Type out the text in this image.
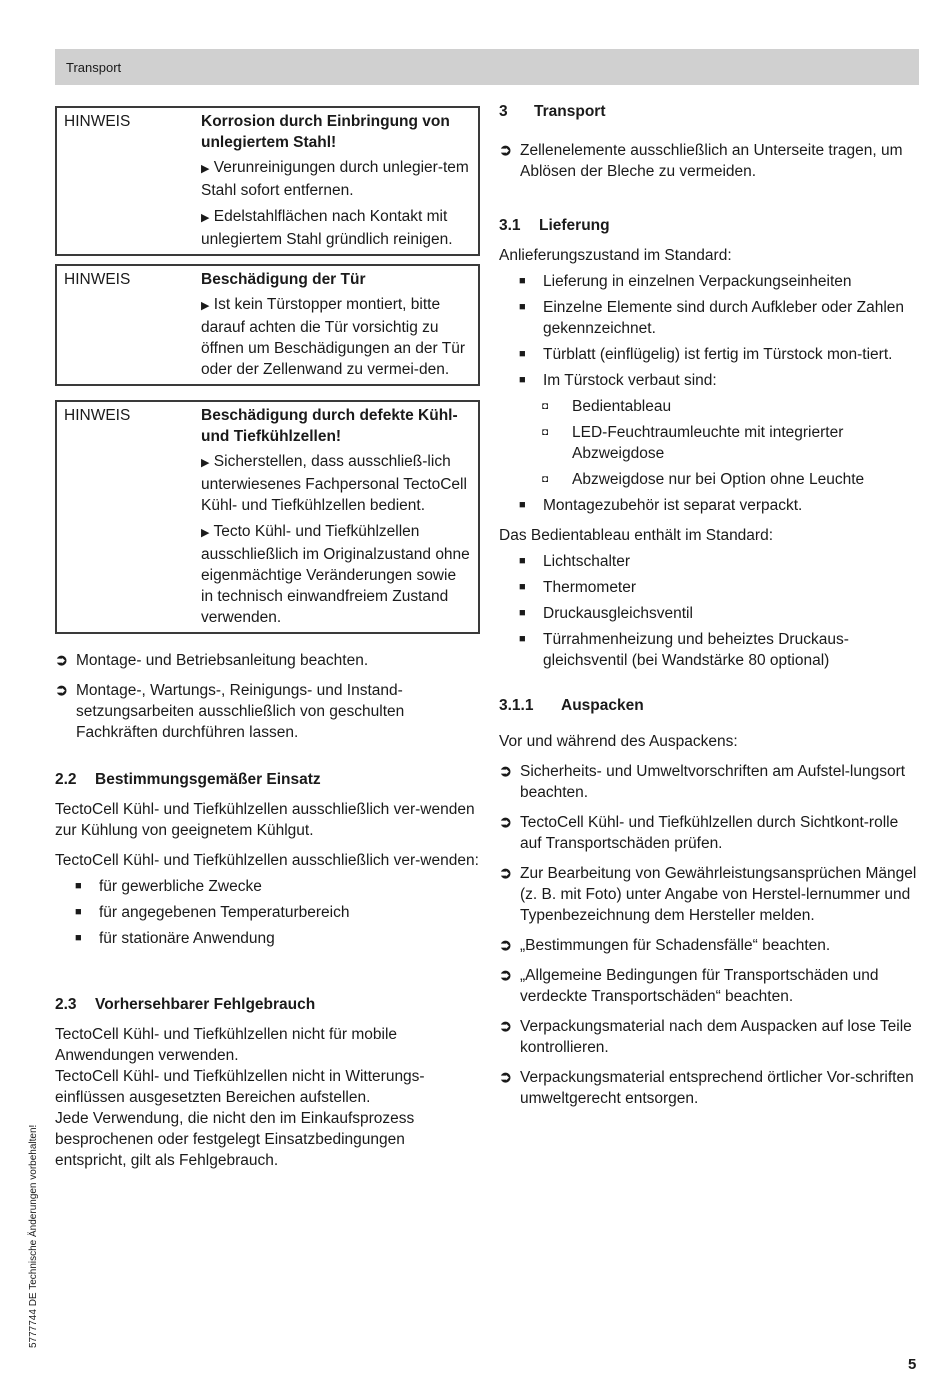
Transport
5777744 DE Technische Änderungen vorbehalten!
5
HINWEIS	Korrosion durch Einbringung von unlegiertem Stahl!

▶ Verunreinigungen durch unlegier-tem Stahl sofort entfernen.

▶ Edelstahlflächen nach Kontakt mit unlegiertem Stahl gründlich reinigen.

HINWEIS	Beschädigung der Tür

▶ Ist kein Türstopper montiert, bitte darauf achten die Tür vorsichtig zu öffnen um Beschädigungen an der Tür oder der Zellenwand zu vermei-den.

HINWEIS	Beschädigung durch defekte Kühl- und Tiefkühlzellen!

▶ Sicherstellen, dass ausschließ-lich unterwiesenes Fachpersonal TectoCell Kühl- und Tiefkühlzellen bedient.

▶ Tecto Kühl- und Tiefkühlzellen ausschließlich im Originalzustand ohne eigenmächtige Veränderungen sowie in technisch einwandfreiem Zustand verwenden.

➲ Montage- und Betriebsanleitung beachten.
➲ Montage-, Wartungs-, Reinigungs- und Instand-setzungsarbeiten ausschließlich von geschulten Fachkräften durchführen lassen.
2.2 Bestimmungsgemäßer Einsatz

TectoCell Kühl- und Tiefkühlzellen ausschließlich ver-wenden zur Kühlung von geeignetem Kühlgut.

TectoCell Kühl- und Tiefkühlzellen ausschließlich ver-wenden:

■	für gewerbliche Zwecke
■	für angegebenen Temperaturbereich
■	für stationäre Anwendung
2.3 Vorhersehbarer Fehlgebrauch
TectoCell Kühl- und Tiefkühlzellen nicht für mobile Anwendungen verwenden.
TectoCell Kühl- und Tiefkühlzellen nicht in Witterungs-einflüssen ausgesetzten Bereichen aufstellen.
Jede Verwendung, die nicht den im Einkaufsprozess besprochenen oder festgelegt Einsatzbedingungen entspricht, gilt als Fehlgebrauch.
3 Transport
➲ Zellenelemente ausschließlich an Unterseite tragen, um Ablösen der Bleche zu vermeiden.
3.1 Lieferung

Anlieferungszustand im Standard:

■	Lieferung in einzelnen Verpackungseinheiten
■	Einzelne Elemente sind durch Aufkleber oder Zahlen gekennzeichnet.
■	Türblatt (einflügelig) ist fertig im Türstock mon-tiert.
■	Im Türstock verbaut sind:
◘	Bedientableau
◘	LED-Feuchtraumleuchte mit integrierter Abzweigdose
◘	Abzweigdose nur bei Option ohne Leuchte
■	Montagezubehör ist separat verpackt.

Das Bedientableau enthält im Standard:

■	Lichtschalter
■	Thermometer
■	Druckausgleichsventil
■	Türrahmenheizung und beheiztes Druckaus-gleichsventil (bei Wandstärke 80 optional)
3.1.1 Auspacken

Vor und während des Auspackens:

➲ Sicherheits- und Umweltvorschriften am Aufstel-lungsort beachten.
➲ TectoCell Kühl- und Tiefkühlzellen durch Sichtkont-rolle auf Transportschäden prüfen.
➲ Zur Bearbeitung von Gewährleistungsansprüchen Mängel (z. B. mit Foto) unter Angabe von Herstel-lernummer und Typenbezeichnung dem Hersteller melden.
➲ „Bestimmungen für Schadensfälle“ beachten.
➲ „Allgemeine Bedingungen für Transportschäden und verdeckte Transportschäden“ beachten.
➲ Verpackungsmaterial nach dem Auspacken auf lose Teile kontrollieren.
➲ Verpackungsmaterial entsprechend örtlicher Vor-schriften umweltgerecht entsorgen.
